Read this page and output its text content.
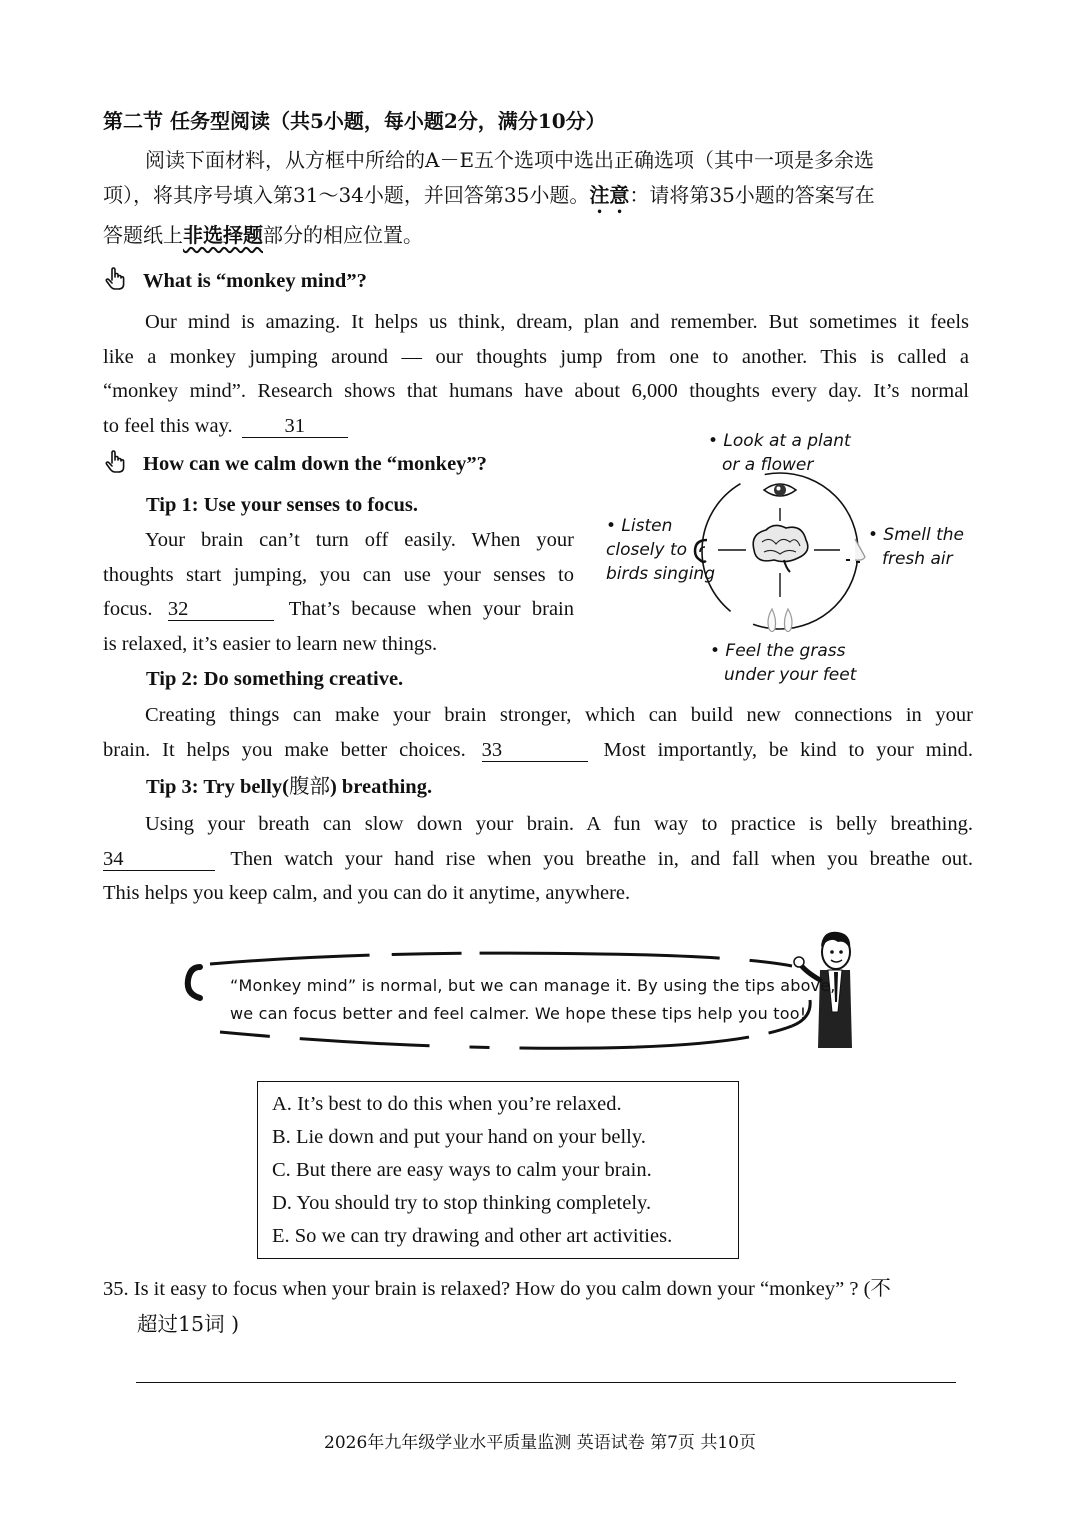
第二节 任务型阅读（共5小题，每小题2分，满分10分）
阅读下面材料，从方框中所给的A－E五个选项中选出正确选项（其中一项是多余选
项），将其序号填入第31～34小题，并回答第35小题。注意：请将第35小题的答案写在
答题纸上非选择题部分的相应位置。
What is “monkey mind”?
Our mind is amazing. It helps us think, dream, plan and remember. But sometimes it feels
like a monkey jumping around — our thoughts jump from one to another. This is called a
“monkey mind”. Research shows that humans have about 6,000 thoughts every day. It’s normal
to feel this way.	31
How can we calm down the “monkey”?
Tip 1: Use your senses to focus.
Your brain can’t turn off easily. When your
thoughts start jumping, you can use your senses to
focus. 32	That’s because when your brain
is relaxed, it’s easier to learn new things.
• Look at a plant
or a flower
• Listen
closely to
birds singing
• Smell the
fresh air
• Feel the grass
under your feet
Tip 2: Do something creative.
Creating things can make your brain stronger, which can build new connections in your
brain. It helps you make better choices. 33	Most importantly, be kind to your mind.
Tip 3: Try belly(腹部) breathing.
Using your breath can slow down your brain. A fun way to practice is belly breathing.
34	Then watch your hand rise when you breathe in, and fall when you breathe out.
This helps you keep calm, and you can do it anytime, anywhere.
“Monkey mind” is normal, but we can manage it. By using the tips above,
we can focus better and feel calmer. We hope these tips help you too!
A. It’s best to do this when you’re relaxed.
B. Lie down and put your hand on your belly.
C. But there are easy ways to calm your brain.
D. You should try to stop thinking completely.
E. So we can try drawing and other art activities.
35. Is it easy to focus when your brain is relaxed? How do you calm down your “monkey” ? (不
超过15词 )
2026年九年级学业水平质量监测 英语试卷 第7页 共10页
